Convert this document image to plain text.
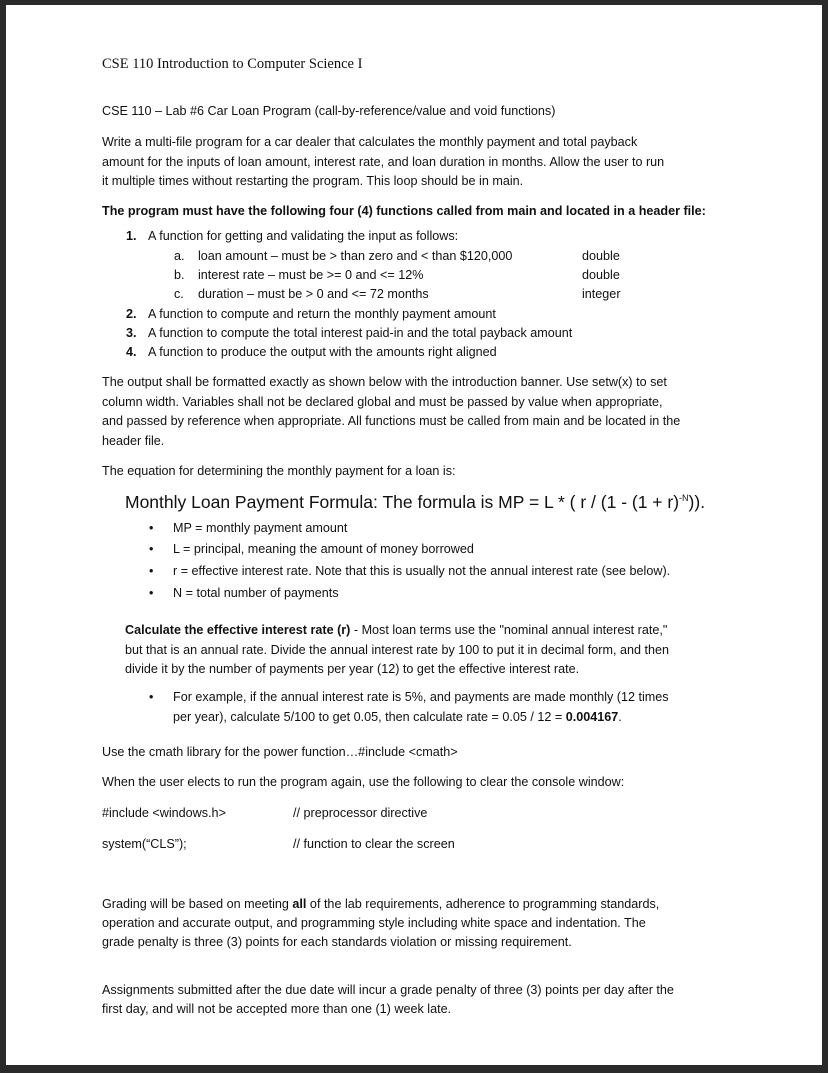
CSE 110 Introduction to Computer Science I
CSE 110 – Lab #6 Car Loan Program (call-by-reference/value and void functions)
Write a multi-file program for a car dealer that calculates the monthly payment and total payback
amount for the inputs of loan amount, interest rate, and loan duration in months. Allow the user to run
it multiple times without restarting the program. This loop should be in main.
The program must have the following four (4) functions called from main and located in a header file:
1. A function for getting and validating the input as follows:
a. loan amount – must be > than zero and < than $120,000	double
b. interest rate – must be >= 0 and <= 12%	double
c. duration – must be > 0 and <= 72 months	integer
2. A function to compute and return the monthly payment amount
3. A function to compute the total interest paid-in and the total payback amount
4. A function to produce the output with the amounts right aligned
The output shall be formatted exactly as shown below with the introduction banner. Use setw(x) to set
column width. Variables shall not be declared global and must be passed by value when appropriate,
and passed by reference when appropriate. All functions must be called from main and be located in the
header file.
The equation for determining the monthly payment for a loan is:
Monthly Loan Payment Formula: The formula is MP = L * ( $r / (1 - (1 + r)^{-N})$).
• MP = monthly payment amount
• L = principal, meaning the amount of money borrowed
• r = effective interest rate. Note that this is usually not the annual interest rate (see below).
• N = total number of payments
Calculate the effective interest rate (r) - Most loan terms use the "nominal annual interest rate,"
but that is an annual rate. Divide the annual interest rate by 100 to put it in decimal form, and then
divide it by the number of payments per year (12) to get the effective interest rate.
• For example, if the annual interest rate is 5%, and payments are made monthly (12 times
per year), calculate 5/100 to get 0.05, then calculate rate = 0.05 / 12 = 0.004167.
Use the cmath library for the power function…#include <cmath>
When the user elects to run the program again, use the following to clear the console window:
#include <windows.h>	// preprocessor directive
system(“CLS”);	// function to clear the screen
Grading will be based on meeting all of the lab requirements, adherence to programming standards,
operation and accurate output, and programming style including white space and indentation. The
grade penalty is three (3) points for each standards violation or missing requirement.
Assignments submitted after the due date will incur a grade penalty of three (3) points per day after the
first day, and will not be accepted more than one (1) week late.
